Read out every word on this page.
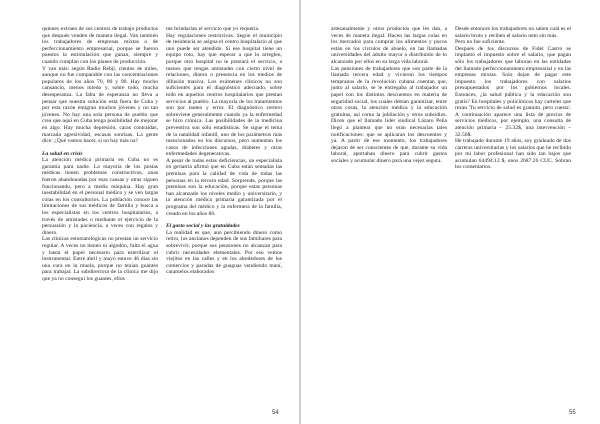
quienes extraen de sus centros de trabajo productos que después venden de manera ilegal. Van también los trabajadores de empresas mixtas o de perfeccionamiento empresarial, porque se fueron puestos la estimulación que ganan, siempre y cuando cumplan con los planes de producción.

Y van más: según Radio Rebji, cientos de miles, aunque no fue comparable con las concentraciones populares de los años 70, 80 y 90. Hay mucho cansancio, menos miedo y, sobre todo, mucha desesperanza. La falta de esperanza no lleva a pensar que nuestra solución está fuera de Cuba y por esta razón emigran muchos jóvenes y no tan jóvenes. No hay una sola persona de pueblo que crea que aquí en Cuba tenga posibilidad de mejorar en algo. Hay mucha depresión, caras contraídas, marcada agresividad, escasas sonrisas. La gente dice: ¿Qué vamos hacer, si no hay más na?

La salud en crisis

La atención médica primaria en Cuba no es garantía para nadie. La mayoría de los postas médicas tienen problemas constructivos, unas fueron abandonadas por esas causas y otras siguen funcionando, pero a media máquina. Hay gran inestabilidad en el personal médico y se ven largas colas en los consultorios. La población conoce las limitaciones de sus médicos de familia y busca a los especialistas en los centros hospitalarios, a través de amistades o mediante el ejercicio de la persuasión y la paciencia, a veces con regalos y dinero.

Las clínicas estomatológicas no prestan un servicio regular. A veces no tienen ni algodón, falta el agua y hasta el papel necesario para esterilizar el instrumental. Entre abril y mayo estuve 46 días sin una cura en la muela, porque no tenían guantes para trabajar. La subdirectora de la clínica me dijo que ya no conseguí los guantes, ellos

me brindarían el servicio que yo requería.

Hay regulaciones restrictivas. Según el municipio de residencia se asigna el centro hospitalario al que uno puede ser atendido. Si ese hospital tiene un equipo roto, hay que esperar a que lo arreglen, porque otro hospital no te prestará el servicio, a menos que tengas amistades con cierto nivel de relaciones, dinero o presencia en los medios de difusión masiva. Los exámenes clínicos no son suficientes para el diagnóstico adecuado, sobre todo en aquellos centros hospitalarios que prestan servicios al pueblo. La mayoría de los tratamientos son por tanteo y error. El diagnóstico certero sobreviene generalmente cuando ya la enfermedad se hizo crónica. Las posibilidades de la medicina preventiva son sólo estadísticas. Se sigue el tema de la natalidad infantil, uno de los parámetros más mencionados en los discursos, pero aumentan los casos de infecciones agudas, diabetes y otras enfermedades degenerativas.

A pesar de todas estas deficiencias, un especialista en geriatría afirmó que en Cuba están sentadas las premisas para la calidad de vida de todas las personas en la tercera edad. Sorprende, porque las premisas son la educación, porque estas personas han alcanzado los niveles medio y universitario, y la atención médica primaria garantizada por el programa del médico y la enfermera de la familia, creado en los años 80.

El gasto social y las gratuidades

La realidad es que, aun percibiendo dinero como retiro, los ancianos dependen de sus familiares para sobrevivir, porque sus pensiones no alcanzan para cubrir necesidades elementales. Por eso vemos viejitos en las calles y en los alrededores de los comercios y paradas de guaguas vendiendo maní, caramelos elaborados

54

artesanalmente y otros productos que les dan, a veces de manera ilegal. Hacen las largas colas en los mercados para comprar los alimentos y pocos están en los círculos de abuelo, en las llamadas universidades del adulto mayor o distribuido de lo alcanzado por ellos en su larga vida laboral.

Las pensiones de trabajadores que son parte de la llamada tercera edad y vivieron los tiempos tempranos de la revolución cubana cuentan que, junto al salario, se le entregaba al trabajador un papel con los distintos descuentos en materia de seguridad social, los cuales debían garantizar, entre otras cosas, la atención médica y la educación gratuitas, así como la jubilación y otros subsidios. Dicen que el llamado líder sindical Lázaro Peña llegó a plantear que no eran necesarias tales notificaciones: que se aplicaran los descuentos y ya. A partir de ese momento, los trabajadores dejaron de ser conscientes de que, durante su vida laboral, aportaban dinero para cubrir gastos sociales y acumular dinero para una vejez segura.

Desde entonces los trabajadores no saben cuál es el salario bruto y reciben el salario neto sin más.

Pero no fue suficiente.

Después de los discursos de Fidel Castro se implantó el impuesto sobre el salario, que pagan sólo los trabajadores que laboran en las entidades del llamado perfeccionamiento empresarial y en las empresas mixtas. Solo dejan de pagar este impuesto los trabajadores con salarios presupuestados por los gobiernos locales. Entonces, ¿la salud pública y la educación son gratis? En hospitales y policlínicos hay carteles que rezan 'Tu servicio de salud es gratuito, pero cuesta'. A continuación aparece una lista de precios de servicios médicos, por ejemplo, una consulta de atención primaria – 25.32$, una intervención – 32.50$.

He trabajado durante 19 años, soy graduado de dos carreras universitarias y los salarios que he recibido por mi labor profesional han sido tan bajos que acumulan 64494.12 $, unos 2687.26 CUC. Sobran los comentarios.

55
